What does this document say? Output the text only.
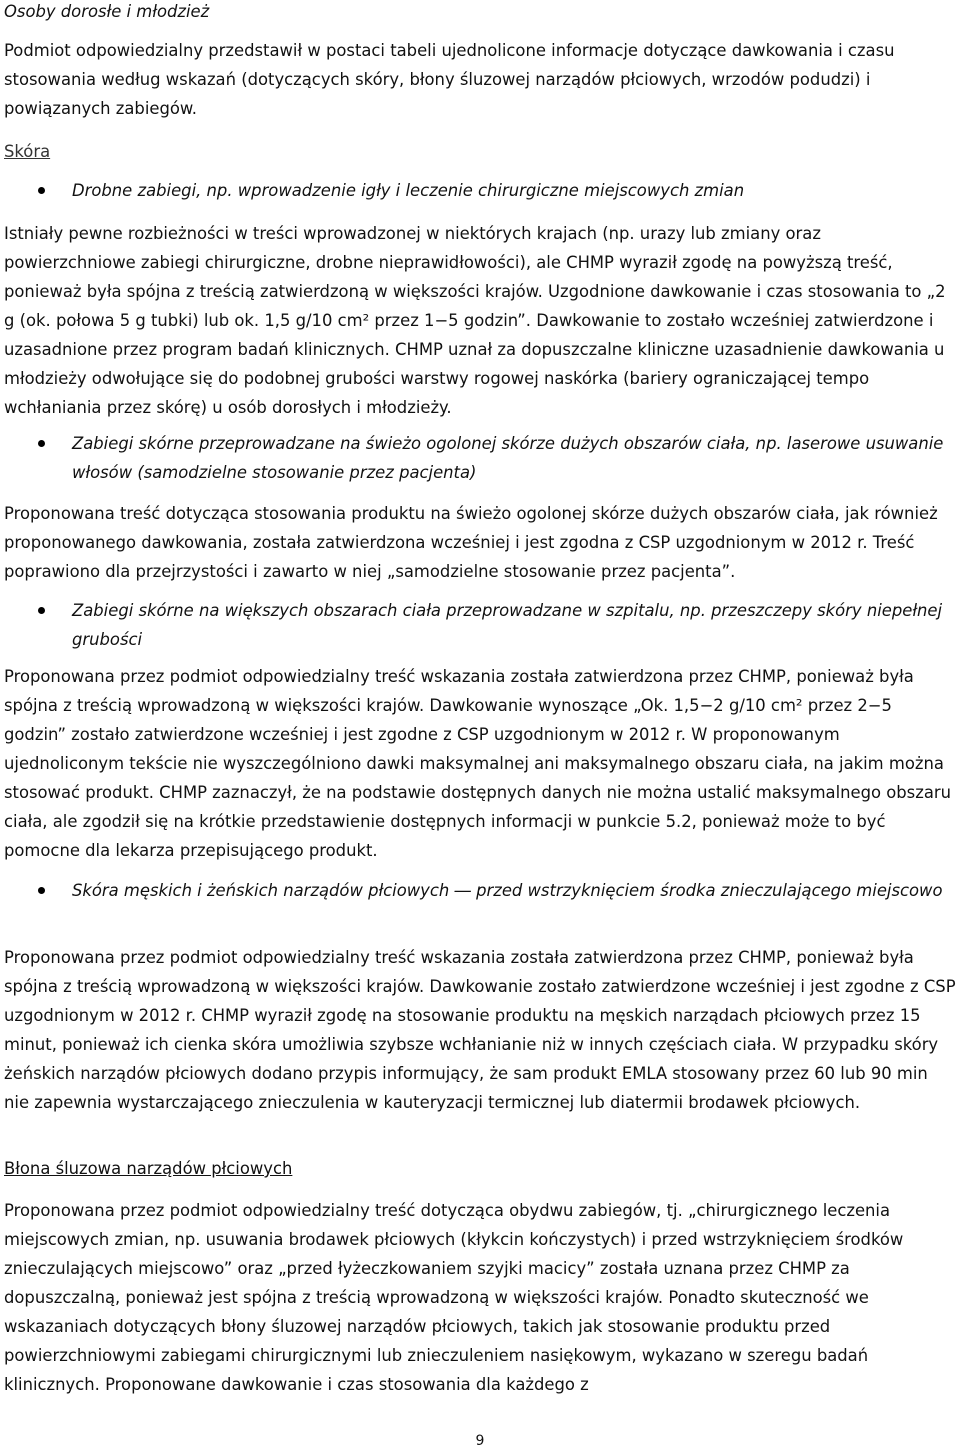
Osoby dorosłe i młodzież

Podmiot odpowiedzialny przedstawił w postaci tabeli ujednolicone informacje dotyczące dawkowania i czasu stosowania według wskazań (dotyczących skóry, błony śluzowej narządów płciowych, wrzodów podudzi) i powiązanych zabiegów.

Skóra

Drobne zabiegi, np. wprowadzenie igły i leczenie chirurgiczne miejscowych zmian

Istniały pewne rozbieżności w treści wprowadzonej w niektórych krajach (np. urazy lub zmiany oraz powierzchniowe zabiegi chirurgiczne, drobne nieprawidłowości), ale CHMP wyraził zgodę na powyższą treść, ponieważ była spójna z treścią zatwierdzoną w większości krajów. Uzgodnione dawkowanie i czas stosowania to „2 g (ok. połowa 5 g tubki) lub ok. 1,5 g/10 cm² przez 1−5 godzin”. Dawkowanie to zostało wcześniej zatwierdzone i uzasadnione przez program badań klinicznych. CHMP uznał za dopuszczalne kliniczne uzasadnienie dawkowania u młodzieży odwołujące się do podobnej grubości warstwy rogowej naskórka (bariery ograniczającej tempo wchłaniania przez skórę) u osób dorosłych i młodzieży.

Zabiegi skórne przeprowadzane na świeżo ogolonej skórze dużych obszarów ciała, np. laserowe usuwanie włosów (samodzielne stosowanie przez pacjenta)

Proponowana treść dotycząca stosowania produktu na świeżo ogolonej skórze dużych obszarów ciała, jak również proponowanego dawkowania, została zatwierdzona wcześniej i jest zgodna z CSP uzgodnionym w 2012 r. Treść poprawiono dla przejrzystości i zawarto w niej „samodzielne stosowanie przez pacjenta”.

Zabiegi skórne na większych obszarach ciała przeprowadzane w szpitalu, np. przeszczepy skóry niepełnej grubości

Proponowana przez podmiot odpowiedzialny treść wskazania została zatwierdzona przez CHMP, ponieważ była spójna z treścią wprowadzoną w większości krajów. Dawkowanie wynoszące „Ok. 1,5−2 g/10 cm² przez 2−5 godzin” zostało zatwierdzone wcześniej i jest zgodne z CSP uzgodnionym w 2012 r. W proponowanym ujednoliconym tekście nie wyszczególniono dawki maksymalnej ani maksymalnego obszaru ciała, na jakim można stosować produkt. CHMP zaznaczył, że na podstawie dostępnych danych nie można ustalić maksymalnego obszaru ciała, ale zgodził się na krótkie przedstawienie dostępnych informacji w punkcie 5.2, ponieważ może to być pomocne dla lekarza przepisującego produkt.

Skóra męskich i żeńskich narządów płciowych ― przed wstrzyknięciem środka znieczulającego miejscowo

Proponowana przez podmiot odpowiedzialny treść wskazania została zatwierdzona przez CHMP, ponieważ była spójna z treścią wprowadzoną w większości krajów. Dawkowanie zostało zatwierdzone wcześniej i jest zgodne z CSP uzgodnionym w 2012 r. CHMP wyraził zgodę na stosowanie produktu na męskich narządach płciowych przez 15 minut, ponieważ ich cienka skóra umożliwia szybsze wchłanianie niż w innych częściach ciała. W przypadku skóry żeńskich narządów płciowych dodano przypis informujący, że sam produkt EMLA stosowany przez 60 lub 90 min nie zapewnia wystarczającego znieczulenia w kauteryzacji termicznej lub diatermii brodawek płciowych.

Błona śluzowa narządów płciowych

Proponowana przez podmiot odpowiedzialny treść dotycząca obydwu zabiegów, tj. „chirurgicznego leczenia miejscowych zmian, np. usuwania brodawek płciowych (kłykcin kończystych) i przed wstrzyknięciem środków znieczulających miejscowo” oraz „przed łyżeczkowaniem szyjki macicy” została uznana przez CHMP za dopuszczalną, ponieważ jest spójna z treścią wprowadzoną w większości krajów. Ponadto skuteczność we wskazaniach dotyczących błony śluzowej narządów płciowych, takich jak stosowanie produktu przed powierzchniowymi zabiegami chirurgicznymi lub znieczuleniem nasiękowym, wykazano w szeregu badań klinicznych. Proponowane dawkowanie i czas stosowania dla każdego z

9
